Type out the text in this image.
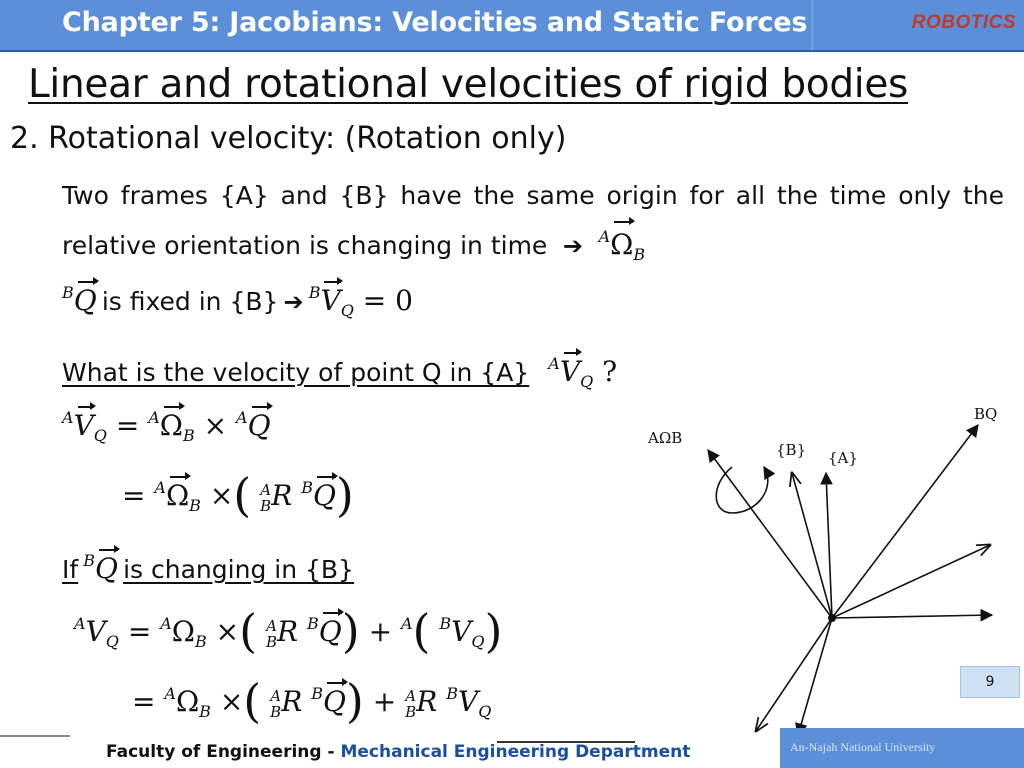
Chapter 5: Jacobians: Velocities and Static Forces	ROBOTICS
Linear and rotational velocities of rigid bodies
2. Rotational velocity: (Rotation only)
Two frames {A} and {B} have the same origin for all the time only the relative orientation is changing in time  ➔  $^A\Omega_B$
$^B$Q is fixed in {B} ➔ $^BV_Q = 0$
What is the velocity of point Q in {A} $^AV_Q$ ?
$^AV_Q = ^A\Omega_B \times ^AQ$
= $^A\Omega_B$ ×( A
BR $^B$Q)
If $^B$Q is changing in {B}
$^AV_Q = ^A\Omega_B$ ×( A
BR $^B$Q) + $^A$( $^BV_Q$)
= $^A\Omega_B$ ×( A
BR $^B$Q) + A
BR $^BV_Q$
AΩB
{B} {A}
BQ
9
Faculty of Engineering - Mechanical Engineering Department	An-Najah National University
